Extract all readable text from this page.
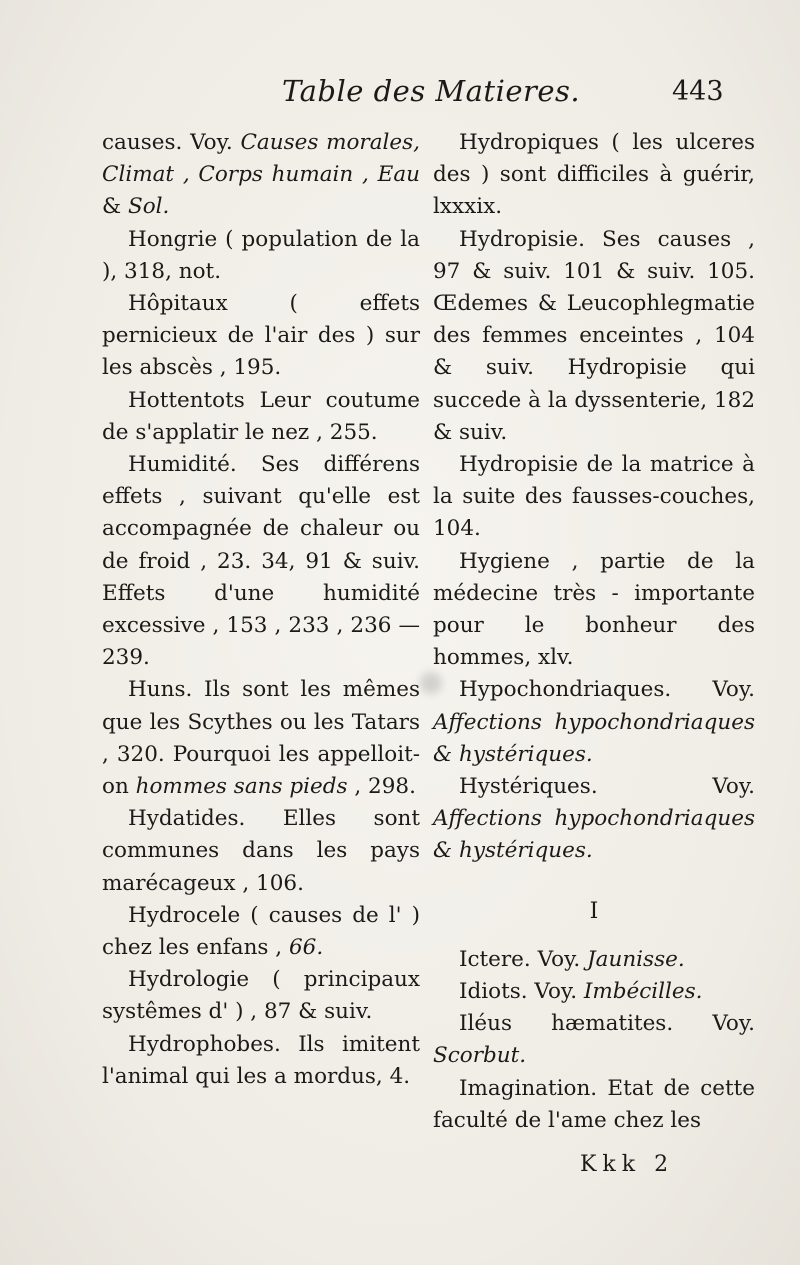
Table des Matieres.	443

causes. Voy. Causes morales, Climat , Corps humain , Eau & Sol.

Hongrie ( population de la ), 318, not.

Hôpitaux ( effets pernicieux de l'air des ) sur les abscès , 195.

Hottentots Leur coutume de s'applatir le nez , 255.

Humidité. Ses différens effets , suivant qu'elle est accompagnée de chaleur ou de froid , 23. 34, 91 & suiv. Effets d'une humidité excessive , 153 , 233 , 236 — 239.

Huns. Ils sont les mêmes que les Scythes ou les Tatars , 320. Pourquoi les appelloit-on hommes sans pieds , 298.

Hydatides. Elles sont communes dans les pays marécageux , 106.

Hydrocele ( causes de l' ) chez les enfans , 66.

Hydrologie ( principaux systêmes d' ) , 87 & suiv.

Hydrophobes. Ils imitent l'animal qui les a mordus, 4.

Hydropiques ( les ulceres des ) sont difficiles à guérir, lxxxix.

Hydropisie. Ses causes , 97 & suiv. 101 & suiv. 105. Œdemes & Leucophlegmatie des femmes enceintes , 104 & suiv. Hydropisie qui succede à la dyssenterie, 182 & suiv.

Hydropisie de la matrice à la suite des fausses-couches, 104.

Hygiene , partie de la médecine très - importante pour le bonheur des hommes, xlv.

Hypochondriaques. Voy. Affections hypochondriaques & hystériques.

Hystériques. Voy. Affections hypochondriaques & hystériques.

I

Ictere. Voy. Jaunisse.

Idiots. Voy. Imbécilles.

Iléus hæmatites. Voy. Scorbut.

Imagination. Etat de cette faculté de l'ame chez les

Kkk 2
